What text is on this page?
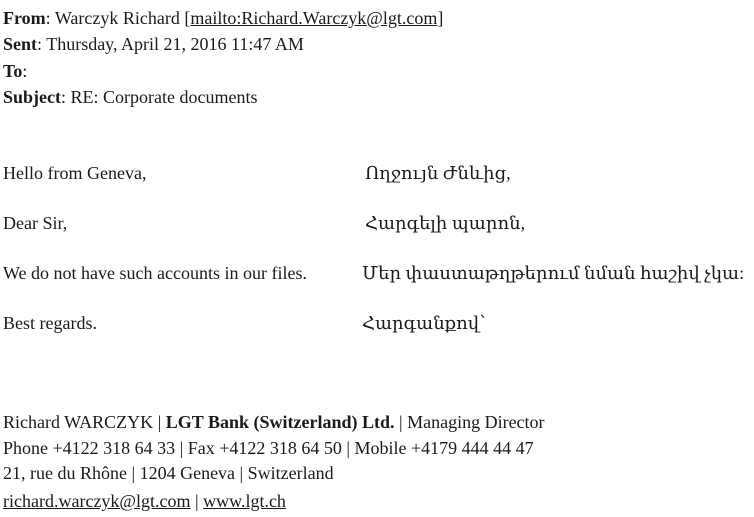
From: Warczyk Richard [mailto:Richard.Warczyk@lgt.com]
Sent: Thursday, April 21, 2016 11:47 AM
To:
Subject: RE: Corporate documents
Hello from Geneva,	Ողջույն Ժնևից,
Dear Sir,	Հարգելի պարոն,
We do not have such accounts in our files.	Մեր փաստաթղթերում նման հաշիվ չկա:
Best regards.	Հարգանքով՝
Richard WARCZYK | LGT Bank (Switzerland) Ltd. | Managing Director
Phone +4122 318 64 33 | Fax +4122 318 64 50 | Mobile +4179 444 44 47
21, rue du Rhône | 1204 Geneva | Switzerland
richard.warczyk@lgt.com | www.lgt.ch
